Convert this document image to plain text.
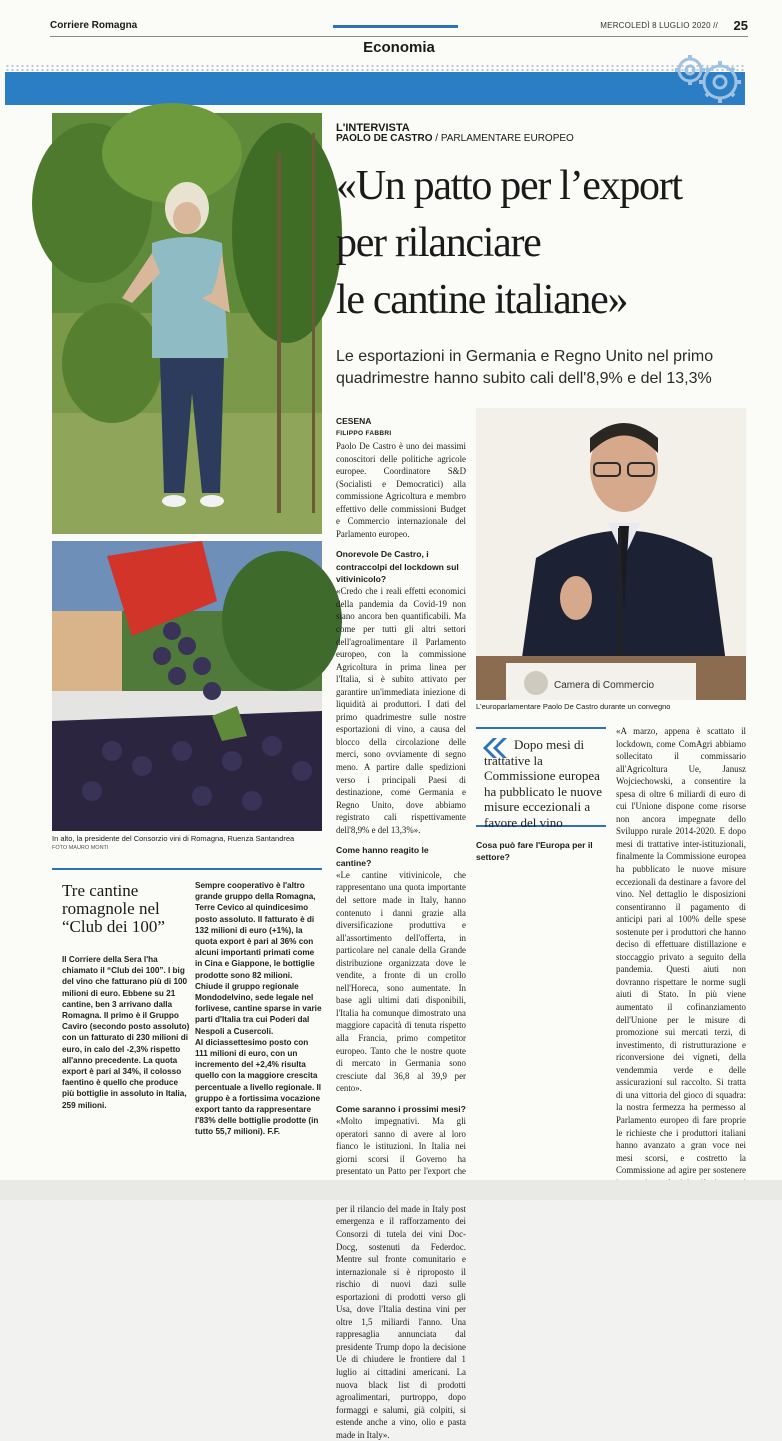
Corriere Romagna	MERCOLEDÌ 8 LUGLIO 2020 // 25
Economia
In alto, la presidente del Consorzio vini di Romagna, Ruenza Santandrea
FOTO MAURO MONTI
L'INTERVISTA
PAOLO DE CASTRO / PARLAMENTARE EUROPEO
«Un patto per l’export
per rilanciare
le cantine italiane»
Le esportazioni in Germania e Regno Unito nel primo quadrimestre hanno subito cali dell'8,9% e del 13,3%
CESENA
FILIPPO FABBRI

Paolo De Castro è uno dei massimi conoscitori delle politiche agricole europee. Coordinatore S&D (Socialisti e Democratici) alla commissione Agricoltura e membro effettivo delle commissioni Budget e Commercio internazionale del Parlamento europeo.

Onorevole De Castro, i contraccolpi del lockdown sul vitivinicolo?

«Credo che i reali effetti economici della pandemia da Covid-19 non siano ancora ben quantificabili. Ma come per tutti gli altri settori dell'agroalimentare il Parlamento europeo, con la commissione Agricoltura in prima linea per l'Italia, si è subito attivato per garantire un'immediata iniezione di liquidità ai produttori. I dati del primo quadrimestre sulle nostre esportazioni di vino, a causa del blocco della circolazione delle merci, sono ovviamente di segno meno. A partire dalle spedizioni verso i principali Paesi di destinazione, come Germania e Regno Unito, dove abbiamo registrato cali rispettivamente dell'8,9% e del 13,3%».

Come hanno reagito le cantine?

«Le cantine vitivinicole, che rappresentano una quota importante del settore made in Italy, hanno contenuto i danni grazie alla diversificazione produttiva e all'assortimento dell'offerta, in particolare nel canale della Grande distribuzione organizzata dove le vendite, a fronte di un crollo nell'Horeca, sono aumentate. In base agli ultimi dati disponibili, l'Italia ha comunque dimostrato una maggiore capacità di tenuta rispetto alla Francia, primo competitor europeo. Tanto che le nostre quote di mercato in Germania sono cresciute dal 36,8 al 39,9 per cento».

Come saranno i prossimi mesi?

«Molto impegnativi. Ma gli operatori sanno di avere al loro fianco le istituzioni. In Italia nei giorni scorsi il Governo ha presentato un Patto per l'export che per il rilancio del made in Italy post emergenza e il rafforzamento dei Consorzi di tutela dei vini Doc-Docg, sostenuti da Federdoc. Mentre sul fronte comunitario e internazionale si è riproposto il rischio di nuovi dazi sulle esportazioni di prodotti verso gli Usa, dove l'Italia destina vini per oltre 1,5 miliardi l'anno. Una rappresaglia annunciata dal presidente Trump dopo la decisione Ue di chiudere le frontiere dal 1 luglio ai cittadini americani. La nuova black list di prodotti agroalimentari, purtroppo, dopo formaggi e salumi, già colpiti, si estende anche a vino, olio e pasta made in Italy».

Camera di Commercio
L'europarlamentare Paolo De Castro durante un convegno
Dopo mesi di trattative la Commissione europea ha pubblicato le nuove misure eccezionali a favore del vino

Cosa può fare l'Europa per il settore?

«A marzo, appena è scattato il lockdown, come ComAgri abbiamo sollecitato il commissario all'Agricoltura Ue, Janusz Wojciechowski, a consentire la spesa di oltre 6 miliardi di euro di cui l'Unione dispone come risorse non ancora impegnate dello Sviluppo rurale 2014-2020. E dopo mesi di trattative inter-istituzionali, finalmente la Commissione europea ha pubblicato le nuove misure eccezionali da destinare a favore del vino. Nel dettaglio le disposizioni consentiranno il pagamento di anticipi pari al 100% delle spese sostenute per i produttori che hanno deciso di effettuare distillazione e stoccaggio privato a seguito della pandemia. Questi aiuti non dovranno rispettare le norme sugli aiuti di Stato. In più viene aumentato il cofinanziamento dell'Unione per le misure di promozione sui mercati terzi, di investimento, di ristrutturazione e riconversione dei vigneti, della vendemmia verde e delle assicurazioni sul raccolto. Si tratta di una vittoria del gioco di squadra: la nostra fermezza ha permesso al Parlamento europeo di fare proprie le richieste che i produttori italiani hanno avanzato a gran voce nei mesi scorsi, e costretto la Commissione ad agire per sostenere

Tre cantine romagnole nel “Club dei 100”

Il Corriere della Sera l'ha chiamato il “Club dei 100”. I big del vino che fatturano più di 100 milioni di euro. Ebbene su 21 cantine, ben 3 arrivano dalla Romagna. Il primo è il Gruppo Caviro (secondo posto assoluto) con un fatturato di 230 milioni di euro, in calo del -2,3% rispetto all'anno precedente. La quota export è pari al 34%, il colosso faentino è quello che produce più bottiglie in assoluto in Italia, 259 milioni.

Sempre cooperativo è l'altro grande gruppo della Romagna, Terre Cevico al quindicesimo posto assoluto. Il fatturato è di 132 milioni di euro (+1%), la quota export è pari al 36% con alcuni importanti primati come in Cina e Giappone, le bottiglie prodotte sono 82 milioni.

Chiude il gruppo regionale Mondodelvino, sede legale nel forlivese, cantine sparse in varie parti d'Italia tra cui Poderi dal Nespoli a Cusercoli.

Al diciassettesimo posto con 111 milioni di euro, con un incremento del +2,4% risulta quello con la maggiore crescita percentuale a livello regionale. Il gruppo è a fortissima vocazione export tanto da rappresentare l'83% delle bottiglie prodotte (in tutto 55,7 milioni). F.F.
